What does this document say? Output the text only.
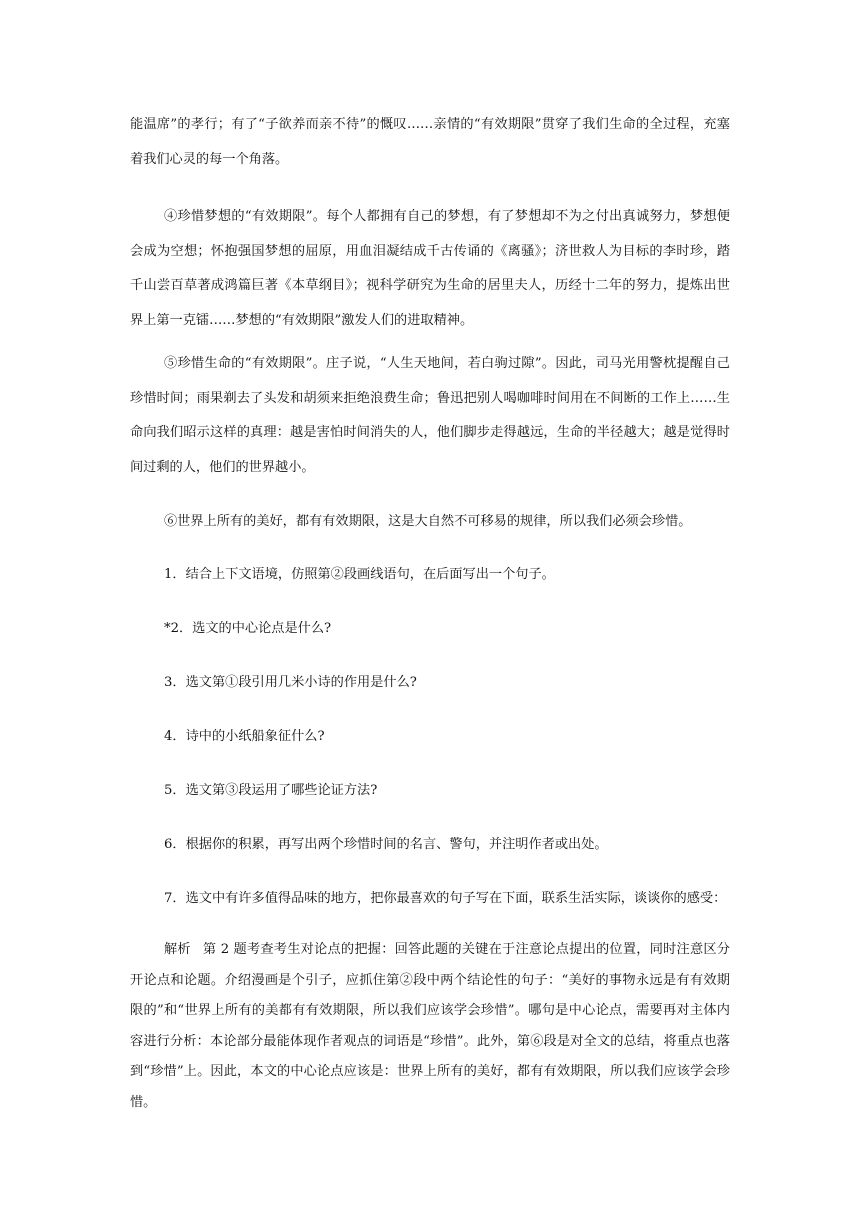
能温席”的孝行；有了“子欲养而亲不待”的慨叹……亲情的“有效期限”贯穿了我们生命的全过程，充塞着我们心灵的每一个角落。

④珍惜梦想的“有效期限”。每个人都拥有自己的梦想，有了梦想却不为之付出真诚努力，梦想便会成为空想；怀抱强国梦想的屈原，用血泪凝结成千古传诵的《离骚》；济世救人为目标的李时珍，踏千山尝百草著成鸿篇巨著《本草纲目》；视科学研究为生命的居里夫人，历经十二年的努力，提炼出世界上第一克镭……梦想的“有效期限”激发人们的进取精神。

⑤珍惜生命的“有效期限”。庄子说，“人生天地间，若白驹过隙”。因此，司马光用警枕提醒自己珍惜时间；雨果剃去了头发和胡须来拒绝浪费生命；鲁迅把别人喝咖啡时间用在不间断的工作上……生命向我们昭示这样的真理：越是害怕时间消失的人，他们脚步走得越远，生命的半径越大；越是觉得时间过剩的人，他们的世界越小。

⑥世界上所有的美好，都有有效期限，这是大自然不可移易的规律，所以我们必须会珍惜。

1．结合上下文语境，仿照第②段画线语句，在后面写出一个句子。

*2．选文的中心论点是什么?

3．选文第①段引用几米小诗的作用是什么?

4．诗中的小纸船象征什么?

5．选文第③段运用了哪些论证方法?

6．根据你的积累，再写出两个珍惜时间的名言、警句，并注明作者或出处。

7．选文中有许多值得品味的地方，把你最喜欢的句子写在下面，联系生活实际，谈谈你的感受：

解析 第 2 题考查考生对论点的把握：回答此题的关键在于注意论点提出的位置，同时注意区分开论点和论题。介绍漫画是个引子，应抓住第②段中两个结论性的句子：“美好的事物永远是有有效期限的”和“世界上所有的美都有有效期限，所以我们应该学会珍惜”。哪句是中心论点，需要再对主体内容进行分析：本论部分最能体现作者观点的词语是“珍惜”。此外，第⑥段是对全文的总结，将重点也落到“珍惜”上。因此，本文的中心论点应该是：世界上所有的美好，都有有效期限，所以我们应该学会珍惜。
